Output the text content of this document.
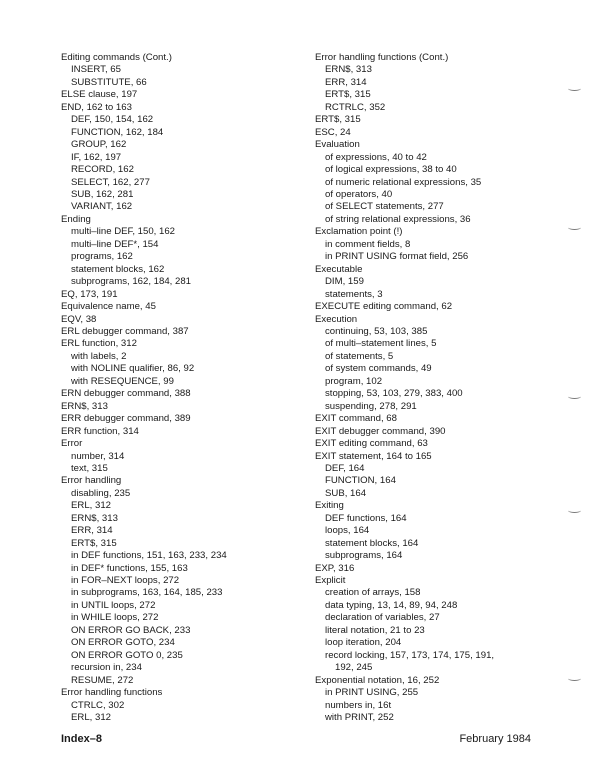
Editing commands (Cont.)
INSERT, 65
SUBSTITUTE, 66
ELSE clause, 197
END, 162 to 163
DEF, 150, 154, 162
FUNCTION, 162, 184
GROUP, 162
IF, 162, 197
RECORD, 162
SELECT, 162, 277
SUB, 162, 281
VARIANT, 162
Ending
multi–line DEF, 150, 162
multi–line DEF*, 154
programs, 162
statement blocks, 162
subprograms, 162, 184, 281
EQ, 173, 191
Equivalence name, 45
EQV, 38
ERL debugger command, 387
ERL function, 312
with labels, 2
with NOLINE qualifier, 86, 92
with RESEQUENCE, 99
ERN debugger command, 388
ERN$, 313
ERR debugger command, 389
ERR function, 314
Error
number, 314
text, 315
Error handling
disabling, 235
ERL, 312
ERN$, 313
ERR, 314
ERT$, 315
in DEF functions, 151, 163, 233, 234
in DEF* functions, 155, 163
in FOR–NEXT loops, 272
in subprograms, 163, 164, 185, 233
in UNTIL loops, 272
in WHILE loops, 272
ON ERROR GO BACK, 233
ON ERROR GOTO, 234
ON ERROR GOTO 0, 235
recursion in, 234
RESUME, 272
Error handling functions
CTRLC, 302
ERL, 312
Error handling functions (Cont.)
ERN$, 313
ERR, 314
ERT$, 315
RCTRLC, 352
ERT$, 315
ESC, 24
Evaluation
of expressions, 40 to 42
of logical expressions, 38 to 40
of numeric relational expressions, 35
of operators, 40
of SELECT statements, 277
of string relational expressions, 36
Exclamation point (!)
in comment fields, 8
in PRINT USING format field, 256
Executable
DIM, 159
statements, 3
EXECUTE editing command, 62
Execution
continuing, 53, 103, 385
of multi–statement lines, 5
of statements, 5
of system commands, 49
program, 102
stopping, 53, 103, 279, 383, 400
suspending, 278, 291
EXIT command, 68
EXIT debugger command, 390
EXIT editing command, 63
EXIT statement, 164 to 165
DEF, 164
FUNCTION, 164
SUB, 164
Exiting
DEF functions, 164
loops, 164
statement blocks, 164
subprograms, 164
EXP, 316
Explicit
creation of arrays, 158
data typing, 13, 14, 89, 94, 248
declaration of variables, 27
literal notation, 21 to 23
loop iteration, 204
record locking, 157, 173, 174, 175, 191,
192, 245
Exponential notation, 16, 252
in PRINT USING, 255
numbers in, 16t
with PRINT, 252
Index–8	February 1984
